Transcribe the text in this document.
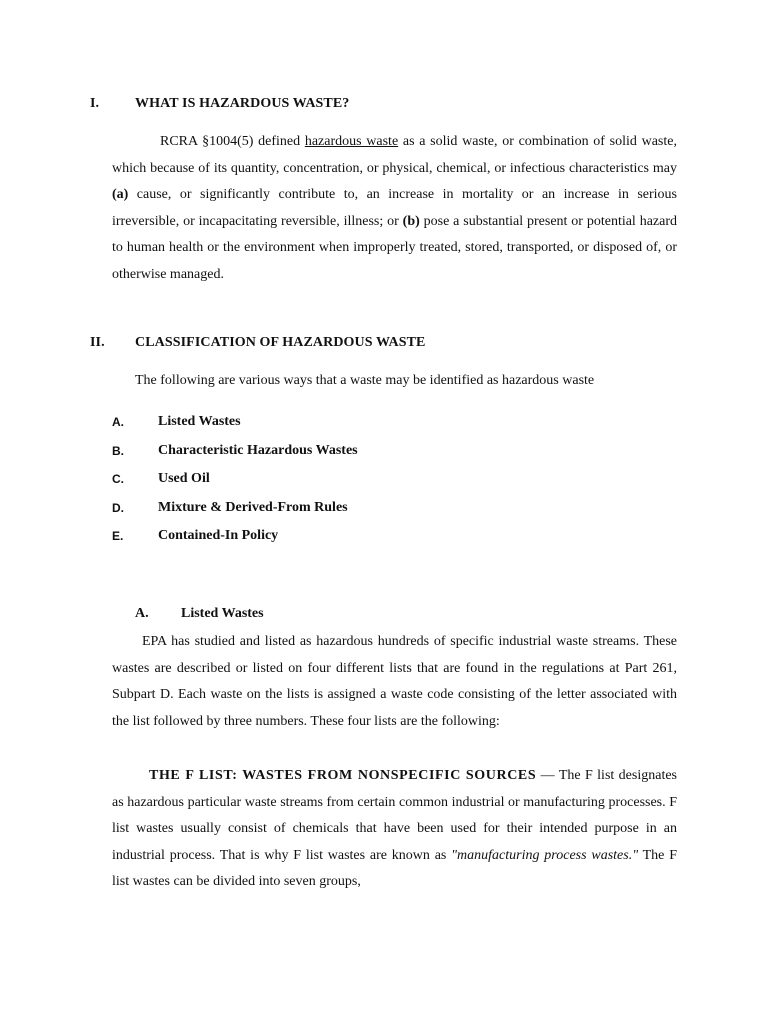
I.	WHAT IS HAZARDOUS WASTE?
RCRA §1004(5) defined hazardous waste as a solid waste, or combination of solid waste, which because of its quantity, concentration, or physical, chemical, or infectious characteristics may (a) cause, or significantly contribute to, an increase in mortality or an increase in serious irreversible, or incapacitating reversible, illness; or (b) pose a substantial present or potential hazard to human health or the environment when improperly treated, stored, transported, or disposed of, or otherwise managed.
II. CLASSIFICATION OF HAZARDOUS WASTE
The following are various ways that a waste may be identified as hazardous waste
A. Listed Wastes
B. Characteristic Hazardous Wastes
C. Used Oil
D. Mixture & Derived-From Rules
E. Contained-In Policy
A. Listed Wastes
EPA has studied and listed as hazardous hundreds of specific industrial waste streams. These wastes are described or listed on four different lists that are found in the regulations at Part 261, Subpart D. Each waste on the lists is assigned a waste code consisting of the letter associated with the list followed by three numbers. These four lists are the following:
THE F LIST: WASTES FROM NONSPECIFIC SOURCES — The F list designates as hazardous particular waste streams from certain common industrial or manufacturing processes. F list wastes usually consist of chemicals that have been used for their intended purpose in an industrial process. That is why F list wastes are known as "manufacturing process wastes." The F list wastes can be divided into seven groups,
